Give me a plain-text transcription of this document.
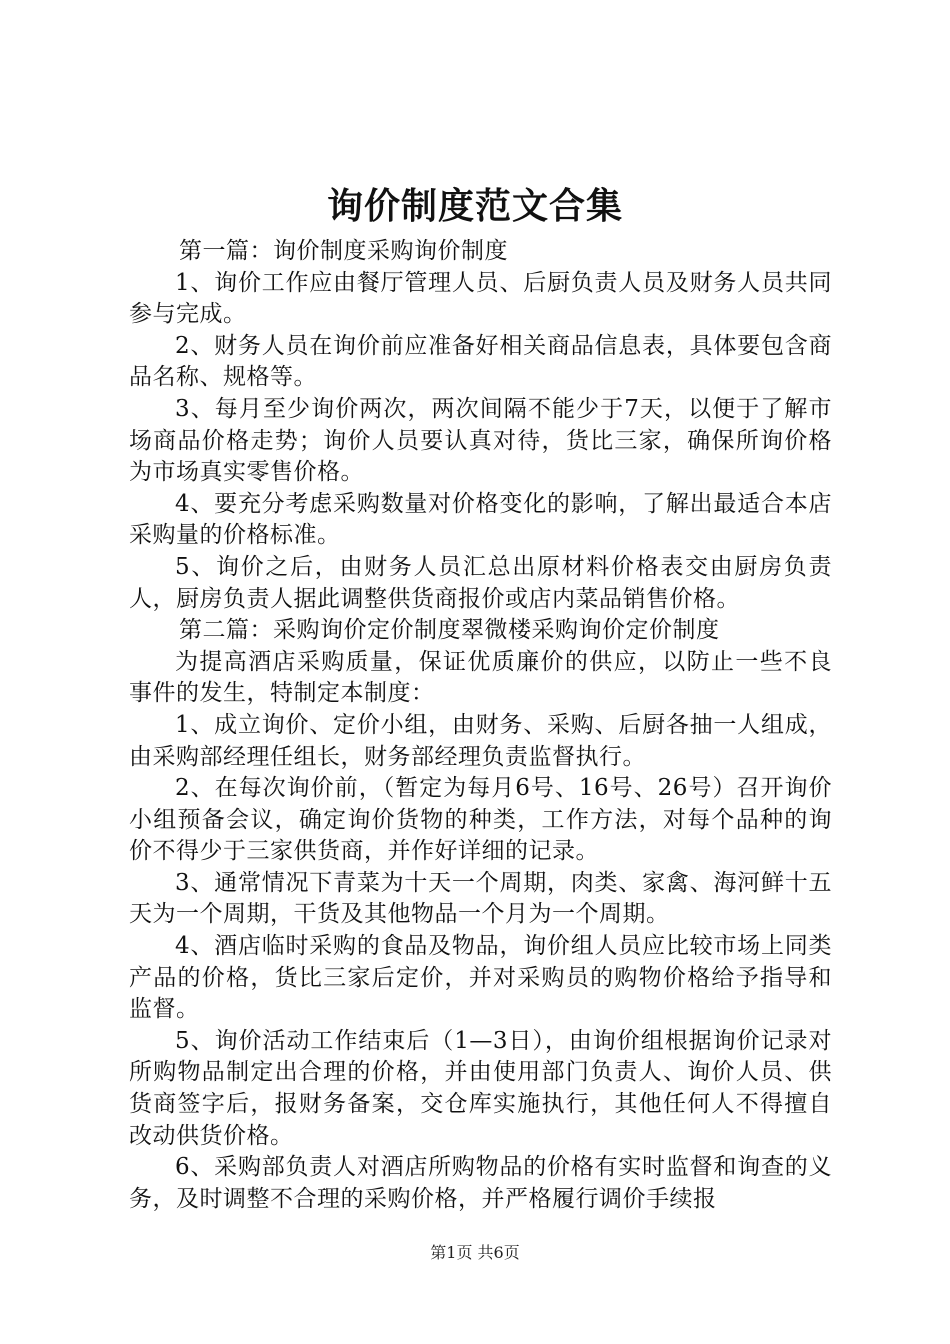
询价制度范文合集

第一篇：询价制度采购询价制度

1、询价工作应由餐厅管理人员、后厨负责人员及财务人员共同参与完成。

2、财务人员在询价前应准备好相关商品信息表，具体要包含商品名称、规格等。

3、每月至少询价两次，两次间隔不能少于7天，以便于了解市场商品价格走势；询价人员要认真对待，货比三家，确保所询价格为市场真实零售价格。

4、要充分考虑采购数量对价格变化的影响，了解出最适合本店采购量的价格标准。

5、询价之后，由财务人员汇总出原材料价格表交由厨房负责人，厨房负责人据此调整供货商报价或店内菜品销售价格。

第二篇：采购询价定价制度翠微楼采购询价定价制度

为提高酒店采购质量，保证优质廉价的供应，以防止一些不良事件的发生，特制定本制度：

1、成立询价、定价小组，由财务、采购、后厨各抽一人组成，由采购部经理任组长，财务部经理负责监督执行。

2、在每次询价前，（暂定为每月6号、16号、26号）召开询价小组预备会议，确定询价货物的种类，工作方法，对每个品种的询价不得少于三家供货商，并作好详细的记录。

3、通常情况下青菜为十天一个周期，肉类、家禽、海河鲜十五天为一个周期，干货及其他物品一个月为一个周期。

4、酒店临时采购的食品及物品，询价组人员应比较市场上同类产品的价格，货比三家后定价，并对采购员的购物价格给予指导和监督。

5、询价活动工作结束后（1—3日），由询价组根据询价记录对所购物品制定出合理的价格，并由使用部门负责人、询价人员、供货商签字后，报财务备案，交仓库实施执行，其他任何人不得擅自改动供货价格。

6、采购部负责人对酒店所购物品的价格有实时监督和询查的义务，及时调整不合理的采购价格，并严格履行调价手续报

第1页 共6页
